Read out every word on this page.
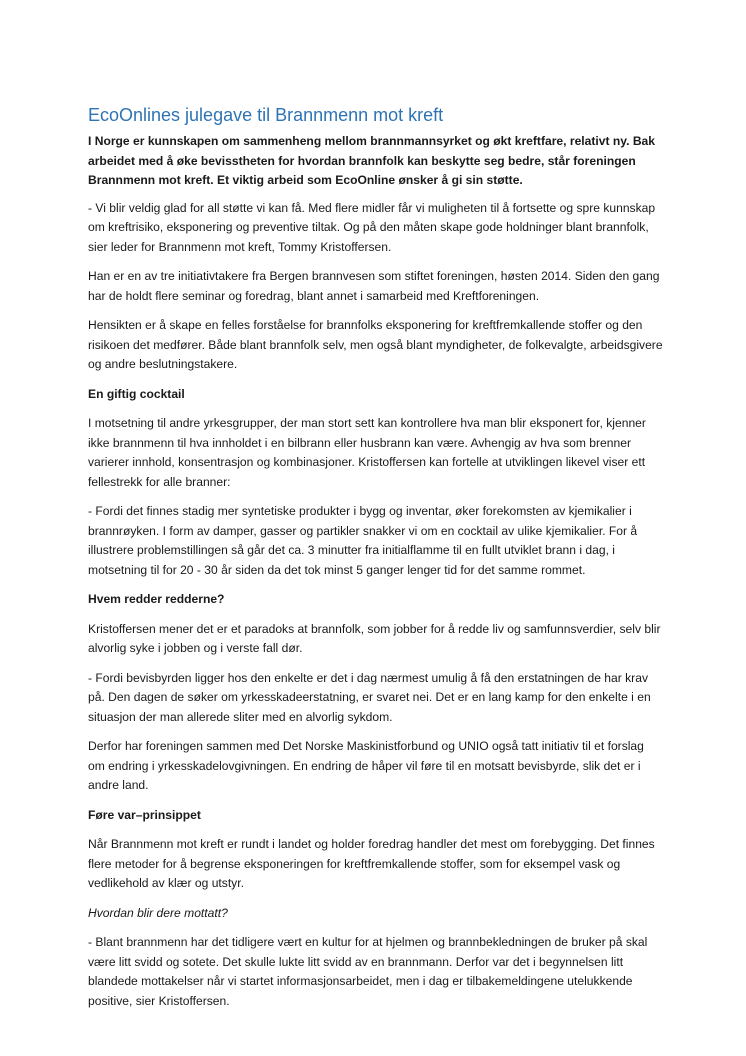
EcoOnlines julegave til Brannmenn mot kreft
I Norge er kunnskapen om sammenheng mellom brannmannsyrket og økt kreftfare, relativt ny. Bak arbeidet med å øke bevisstheten for hvordan brannfolk kan beskytte seg bedre, står foreningen Brannmenn mot kreft. Et viktig arbeid som EcoOnline ønsker å gi sin støtte.

- Vi blir veldig glad for all støtte vi kan få. Med flere midler får vi muligheten til å fortsette og spre kunnskap om kreftrisiko, eksponering og preventive tiltak. Og på den måten skape gode holdninger blant brannfolk, sier leder for Brannmenn mot kreft, Tommy Kristoffersen.

Han er en av tre initiativtakere fra Bergen brannvesen som stiftet foreningen, høsten 2014. Siden den gang har de holdt flere seminar og foredrag, blant annet i samarbeid med Kreftforeningen.

Hensikten er å skape en felles forståelse for brannfolks eksponering for kreftfremkallende stoffer og den risikoen det medfører. Både blant brannfolk selv, men også blant myndigheter, de folkevalgte, arbeidsgivere og andre beslutningstakere.

En giftig cocktail

I motsetning til andre yrkesgrupper, der man stort sett kan kontrollere hva man blir eksponert for, kjenner ikke brannmenn til hva innholdet i en bilbrann eller husbrann kan være. Avhengig av hva som brenner varierer innhold, konsentrasjon og kombinasjoner. Kristoffersen kan fortelle at utviklingen likevel viser ett fellestrekk for alle branner:

- Fordi det finnes stadig mer syntetiske produkter i bygg og inventar, øker forekomsten av kjemikalier i brannrøyken. I form av damper, gasser og partikler snakker vi om en cocktail av ulike kjemikalier. For å illustrere problemstillingen så går det ca. 3 minutter fra initialflamme til en fullt utviklet brann i dag, i motsetning til for 20 - 30 år siden da det tok minst 5 ganger lenger tid for det samme rommet.

Hvem redder redderne?

Kristoffersen mener det er et paradoks at brannfolk, som jobber for å redde liv og samfunnsverdier, selv blir alvorlig syke i jobben og i verste fall dør.

- Fordi bevisbyrden ligger hos den enkelte er det i dag nærmest umulig å få den erstatningen de har krav på. Den dagen de søker om yrkesskadeerstatning, er svaret nei. Det er en lang kamp for den enkelte i en situasjon der man allerede sliter med en alvorlig sykdom.

Derfor har foreningen sammen med Det Norske Maskinistforbund og UNIO også tatt initiativ til et forslag om endring i yrkesskadelovgivningen. En endring de håper vil føre til en motsatt bevisbyrde, slik det er i andre land.

Føre var–prinsippet

Når Brannmenn mot kreft er rundt i landet og holder foredrag handler det mest om forebygging. Det finnes flere metoder for å begrense eksponeringen for kreftfremkallende stoffer, som for eksempel vask og vedlikehold av klær og utstyr.

Hvordan blir dere mottatt?

- Blant brannmenn har det tidligere vært en kultur for at hjelmen og brannbekledningen de bruker på skal være litt svidd og sotete. Det skulle lukte litt svidd av en brannmann. Derfor var det i begynnelsen litt blandede mottakelser når vi startet informasjonsarbeidet, men i dag er tilbakemeldingene utelukkende positive, sier Kristoffersen.
